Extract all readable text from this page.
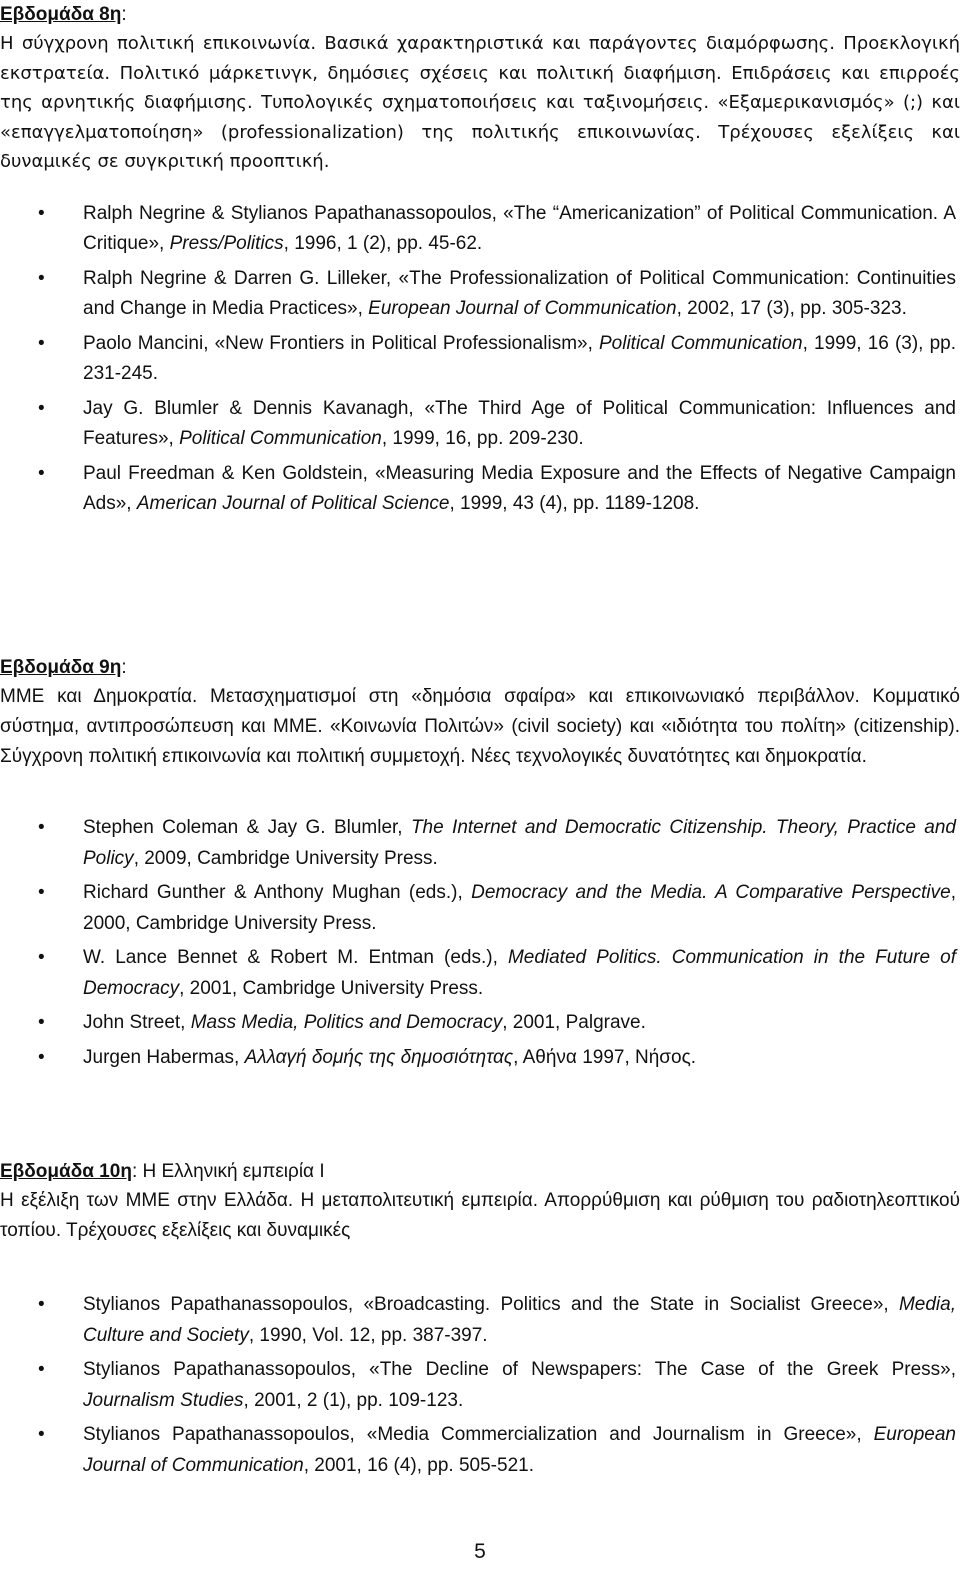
Εβδομάδα 8η:

Η σύγχρονη πολιτική επικοινωνία. Βασικά χαρακτηριστικά και παράγοντες διαμόρφωσης. Προεκλογική εκστρατεία. Πολιτικό μάρκετινγκ, δημόσιες σχέσεις και πολιτική διαφήμιση. Επιδράσεις και επιρροές της αρνητικής διαφήμισης. Τυπολογικές σχηματοποιήσεις και ταξινομήσεις. «Εξαμερικανισμός» (;) και «επαγγελματοποίηση» (professionalization) της πολιτικής επικοινωνίας. Τρέχουσες εξελίξεις και δυναμικές σε συγκριτική προοπτική.

• Ralph Negrine & Stylianos Papathanassopoulos, «The “Americanization” of Political Communication. A Critique», Press/Politics, 1996, 1 (2), pp. 45-62.
• Ralph Negrine & Darren G. Lilleker, «The Professionalization of Political Communication: Continuities and Change in Media Practices», European Journal of Communication, 2002, 17 (3), pp. 305-323.
• Paolo Mancini, «New Frontiers in Political Professionalism», Political Communication, 1999, 16 (3), pp. 231-245.
• Jay G. Blumler & Dennis Kavanagh, «The Third Age of Political Communication: Influences and Features», Political Communication, 1999, 16, pp. 209-230.
• Paul Freedman & Ken Goldstein, «Measuring Media Exposure and the Effects of Negative Campaign Ads», American Journal of Political Science, 1999, 43 (4), pp. 1189-1208.

Εβδομάδα 9η:

ΜΜΕ και Δημοκρατία. Μετασχηματισμοί στη «δημόσια σφαίρα» και επικοινωνιακό περιβάλλον. Κομματικό σύστημα, αντιπροσώπευση και ΜΜΕ. «Κοινωνία Πολιτών» (civil society) και «ιδιότητα του πολίτη» (citizenship). Σύγχρονη πολιτική επικοινωνία και πολιτική συμμετοχή. Νέες τεχνολογικές δυνατότητες και δημοκρατία.

• Stephen Coleman & Jay G. Blumler, The Internet and Democratic Citizenship. Theory, Practice and Policy, 2009, Cambridge University Press.
• Richard Gunther & Anthony Mughan (eds.), Democracy and the Media. A Comparative Perspective, 2000, Cambridge University Press.
• W. Lance Bennet & Robert M. Entman (eds.), Mediated Politics. Communication in the Future of Democracy, 2001, Cambridge University Press.
• John Street, Mass Media, Politics and Democracy, 2001, Palgrave.
• Jurgen Habermas, Αλλαγή δομής της δημοσιότητας, Αθήνα 1997, Νήσος.

Εβδομάδα 10η: Η Ελληνική εμπειρία Ι

Η εξέλιξη των ΜΜΕ στην Ελλάδα. Η μεταπολιτευτική εμπειρία. Απορρύθμιση και ρύθμιση του ραδιοτηλεοπτικού τοπίου. Τρέχουσες εξελίξεις και δυναμικές

• Stylianos Papathanassopoulos, «Broadcasting. Politics and the State in Socialist Greece», Media, Culture and Society, 1990, Vol. 12, pp. 387-397.
• Stylianos Papathanassopoulos, «The Decline of Newspapers: The Case of the Greek Press», Journalism Studies, 2001, 2 (1), pp. 109-123.
• Stylianos Papathanassopoulos, «Media Commercialization and Journalism in Greece», European Journal of Communication, 2001, 16 (4), pp. 505-521.
5
